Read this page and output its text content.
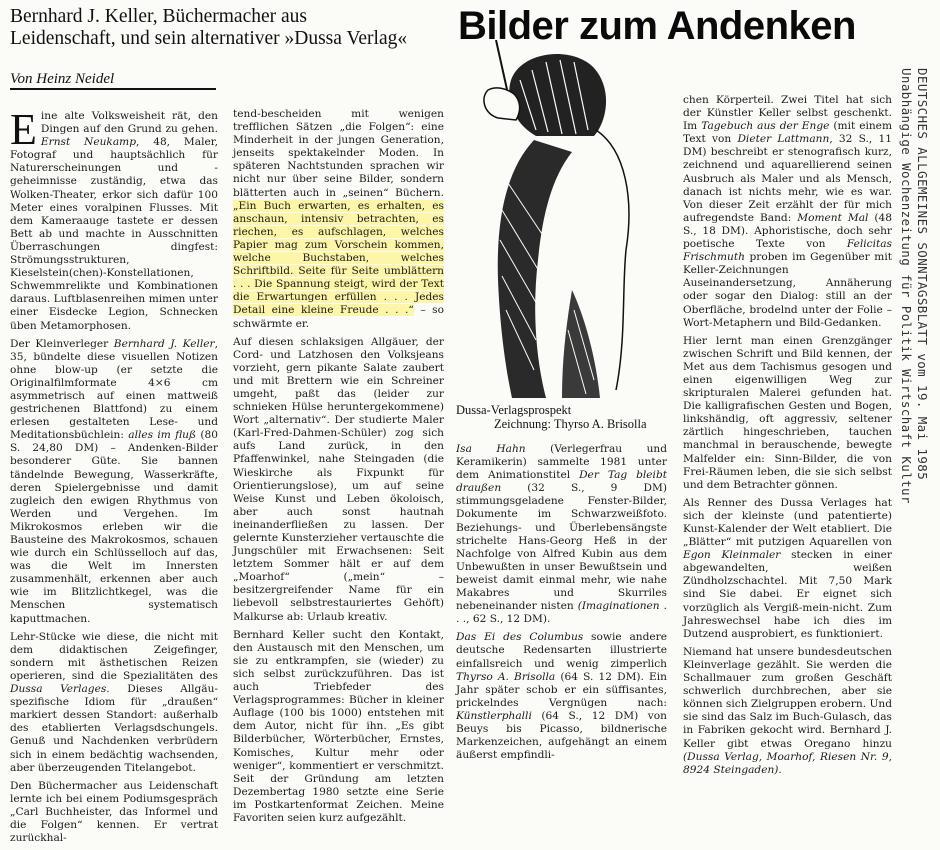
Bernhard J. Keller, Büchermacher aus
Leidenschaft, und sein alternativer »Dussa Verlag«
Von Heinz Neidel
Bilder zum Andenken

Eine alte Volksweisheit rät, den Dingen auf den Grund zu gehen. Ernst Neukamp, 48, Maler, Fotograf und hauptsächlich für Naturerscheinungen und -geheimnisse zuständig, etwa das Wolken-Theater, erkor sich dafür 100 Meter eines voralpinen Flusses. Mit dem Kameraauge tastete er dessen Bett ab und machte in Ausschnitten Überraschungen dingfest: Strömungsstrukturen, Kieselstein(chen)-Konstellationen, Schwemmrelikte und Kombinationen daraus. Luftblasenreihen mimen unter einer Eisdecke Legion, Schnecken üben Metamorphosen.

Der Kleinverleger Bernhard J. Keller, 35, bündelte diese visuellen Notizen ohne blow-up (er setzte die Originalfilmformate 4×6 cm asymmetrisch auf einen mattweiß gestrichenen Blattfond) zu einem erlesen gestalteten Lese- und Meditationsbüchlein: alles im fluß (80 S. 24,80 DM) – Andenken-Bilder besonderer Güte. Sie bannen tändelnde Bewegung, Wasserkräfte, deren Spielergebnisse und damit zugleich den ewigen Rhythmus von Werden und Vergehen. Im Mikrokosmos erleben wir die Bausteine des Makrokosmos, schauen wie durch ein Schlüsselloch auf das, was die Welt im Innersten zusammenhält, erkennen aber auch wie im Blitzlichtkegel, was die Menschen systematisch kaputtmachen.

Lehr-Stücke wie diese, die nicht mit dem didaktischen Zeigefinger, sondern mit ästhetischen Reizen operieren, sind die Spezialitäten des Dussa Verlages. Dieses Allgäu-spezifische Idiom für „draußen“ markiert dessen Standort: außerhalb des etablierten Verlagsdschungels. Genuß und Nachdenken verbrüdern sich in einem bedächtig wachsenden, aber überzeugenden Titelangebot.

Den Büchermacher aus Leidenschaft lernte ich bei einem Podiumsgespräch „Carl Buchheister, das Informel und die Folgen“ kennen. Er vertrat zurückhal-

tend-bescheiden mit wenigen trefflichen Sätzen „die Folgen“: eine Minderheit in der jungen Generation, jenseits spektakelnder Moden. In späteren Nachtstunden sprachen wir nicht nur über seine Bilder, sondern blätterten auch in „seinen“ Büchern. „Ein Buch erwarten, es erhalten, es anschaun, intensiv betrachten, es riechen, es aufschlagen, welches Papier mag zum Vorschein kommen, welche Buchstaben, welches Schriftbild. Seite für Seite umblättern . . . Die Spannung steigt, wird der Text die Erwartungen erfüllen . . . Jedes Detail eine kleine Freude . . .“ – so schwärmte er.

Auf diesen schlaksigen Allgäuer, der Cord- und Latzhosen den Volksjeans vorzieht, gern pikante Salate zaubert und mit Brettern wie ein Schreiner umgeht, paßt das (leider zur schnieken Hülse heruntergekommene) Wort „alternativ“. Der studierte Maler (Karl-Fred-Dahmen-Schüler) zog sich aufs Land zurück, in den Pfaffenwinkel, nahe Steingaden (die Wieskirche als Fixpunkt für Orientierungslose), um auf seine Weise Kunst und Leben ökoloisch, aber auch sonst hautnah ineinanderfließen zu lassen. Der gelernte Kunsterzieher vertauschte die Jungschüler mit Erwachsenen: Seit letztem Sommer hält er auf dem „Moarhof“ („mein“ – besitzergreifender Name für ein liebevoll selbstrestauriertes Gehöft) Malkurse ab: Urlaub kreativ.

Bernhard Keller sucht den Kontakt, den Austausch mit den Menschen, um sie zu entkrampfen, sie (wieder) zu sich selbst zurückzuführen. Das ist auch Triebfeder des Verlagsprogrammes: Bücher in kleiner Auflage (100 bis 1000) entstehen mit dem Autor, nicht für ihn. „Es gibt Bilderbücher, Wörterbücher, Ernstes, Komisches, Kultur mehr oder weniger“, kommentiert er verschmitzt. Seit der Gründung am letzten Dezembertag 1980 setzte eine Serie im Postkartenformat Zeichen. Meine Favoriten seien kurz aufgezählt.

Dussa-Verlagsprospekt
Zeichnung: Thyrso A. Brisolla

Isa Hahn (Verlegerfrau und Keramikerin) sammelte 1981 unter dem Animationstitel Der Tag bleibt draußen (32 S., 9 DM) stimmungsgeladene Fenster-Bilder, Dokumente im Schwarzweißfoto. Beziehungs- und Überlebensängste strichelte Hans-Georg Heß in der Nachfolge von Alfred Kubin aus dem Unbewußten in unser Bewußtsein und beweist damit einmal mehr, wie nahe Makabres und Skurriles nebeneinander nisten (Imaginationen . . ., 62 S., 12 DM).

Das Ei des Columbus sowie andere deutsche Redensarten illustrierte einfallsreich und wenig zimperlich Thyrso A. Brisolla (64 S. 12 DM). Ein Jahr später schob er ein süffisantes, prickelndes Vergnügen nach: Künstlerphalli (64 S., 12 DM) von Beuys bis Picasso, bildnerische Markenzeichen, aufgehängt an einem äußerst empfindli-

chen Körperteil. Zwei Titel hat sich der Künstler Keller selbst geschenkt. Im Tagebuch aus der Enge (mit einem Text von Dieter Lattmann, 32 S., 11 DM) beschreibt er stenografisch kurz, zeichnend und aquarellierend seinen Ausbruch als Maler und als Mensch, danach ist nichts mehr, wie es war. Von dieser Zeit erzählt der für mich aufregendste Band: Moment Mal (48 S., 18 DM). Aphoristische, doch sehr poetische Texte von Felicitas Frischmuth proben im Gegenüber mit Keller-Zeichnungen Auseinandersetzung, Annäherung oder sogar den Dialog: still an der Oberfläche, brodelnd unter der Folie – Wort-Metaphern und Bild-Gedanken.

Hier lernt man einen Grenzgänger zwischen Schrift und Bild kennen, der Met aus dem Tachismus gesogen und einen eigenwilligen Weg zur skripturalen Malerei gefunden hat. Die kalligrafischen Gesten und Bogen, linkshändig, oft aggressiv, seltener zärtlich hingeschrieben, tauchen manchmal in berauschende, bewegte Malfelder ein: Sinn-Bilder, die von Frei-Räumen leben, die sie sich selbst und dem Betrachter gönnen.

Als Renner des Dussa Verlages hat sich der kleinste (und patentierte) Kunst-Kalender der Welt etabliert. Die „Blätter“ mit putzigen Aquarellen von Egon Kleinmaler stecken in einer abgewandelten, weißen Zündholzschachtel. Mit 7,50 Mark sind Sie dabei. Er eignet sich vorzüglich als Vergiß-mein-nicht. Zum Jahreswechsel habe ich dies im Dutzend ausprobiert, es funktioniert.

Niemand hat unsere bundesdeutschen Kleinverlage gezählt. Sie werden die Schallmauer zum großen Geschäft schwerlich durchbrechen, aber sie können sich Zielgruppen erobern. Und sie sind das Salz im Buch-Gulasch, das in Fabriken gekocht wird. Bernhard J. Keller gibt etwas Oregano hinzu (Dussa Verlag, Moarhof, Riesen Nr. 9, 8924 Steingaden).

DEUTSCHES ALLGEMEINES SONNTAGSBLATT vom 19. Mai 1985
Unabhängige Wochenzeitung für Politik Wirtschaft Kultur
